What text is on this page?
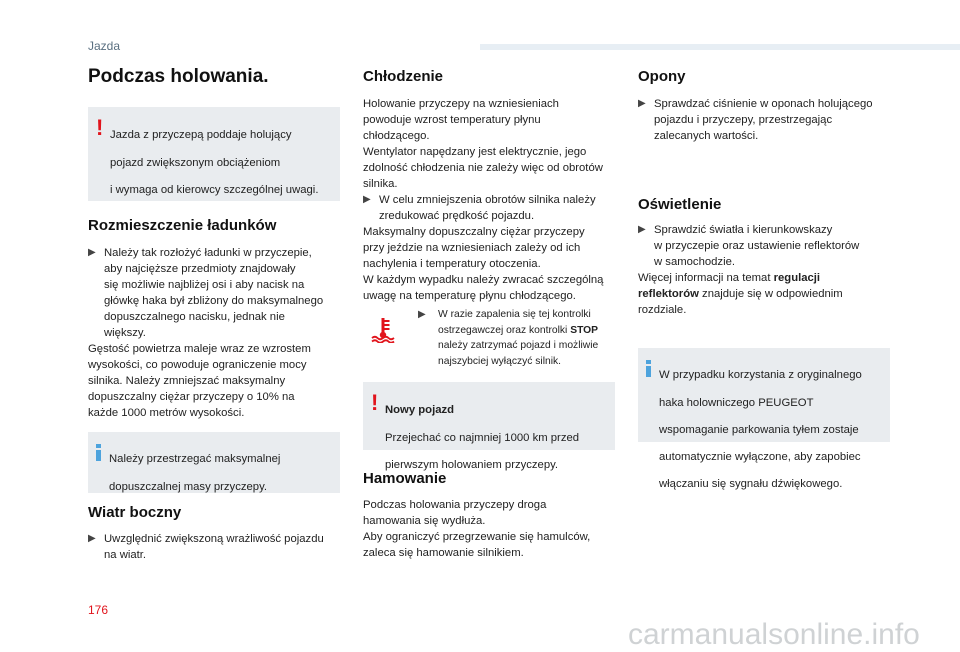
Jazda
Podczas holowania.
! Jazda z przyczepą poddaje holujący

pojazd zwiększonym obciążeniom

i wymaga od kierowcy szczególnej uwagi.

Rozmieszczenie ładunków
▶ Należy tak rozłożyć ładunki w przyczepie,

aby najcięższe przedmioty znajdowały

się możliwie najbliżej osi i aby nacisk na

główkę haka był zbliżony do maksymalnego

dopuszczalnego nacisku, jednak nie

większy.

Gęstość powietrza maleje wraz ze wzrostem

wysokości, co powoduje ograniczenie mocy

silnika. Należy zmniejszać maksymalny

dopuszczalny ciężar przyczepy o 10% na

każde 1000 metrów wysokości.

Należy przestrzegać maksymalnej

dopuszczalnej masy przyczepy.

Wiatr boczny
▶ Uwzględnić zwiększoną wrażliwość pojazdu

na wiatr.

Chłodzenie

Holowanie przyczepy na wzniesieniach

powoduje wzrost temperatury płynu

chłodzącego.

Wentylator napędzany jest elektrycznie, jego

zdolność chłodzenia nie zależy więc od obrotów

silnika.

▶ W celu zmniejszenia obrotów silnika należy

zredukować prędkość pojazdu.

Maksymalny dopuszczalny ciężar przyczepy

przy jeździe na wzniesieniach zależy od ich

nachylenia i temperatury otoczenia.

W każdym wypadku należy zwracać szczególną

uwagę na temperaturę płynu chłodzącego.

▶	W razie zapalenia się tej kontrolki

ostrzegawczej oraz kontrolki STOP

należy zatrzymać pojazd i możliwie

najszybciej wyłączyć silnik.

! Nowy pojazd

Przejechać co najmniej 1000 km przed

pierwszym holowaniem przyczepy.

Hamowanie

Podczas holowania przyczepy droga

hamowania się wydłuża.

Aby ograniczyć przegrzewanie się hamulców,

zaleca się hamowanie silnikiem.

Opony
▶ Sprawdzać ciśnienie w oponach holującego

pojazdu i przyczepy, przestrzegając

zalecanych wartości.

Oświetlenie
▶ Sprawdzić światła i kierunkowskazy

w przyczepie oraz ustawienie reflektorów

w samochodzie.

Więcej informacji na temat regulacji

reflektorów znajduje się w odpowiednim

rozdziale.

W przypadku korzystania z oryginalnego

haka holowniczego PEUGEOT

wspomaganie parkowania tyłem zostaje

automatycznie wyłączone, aby zapobiec

włączaniu się sygnału dźwiękowego.

176
carmanualsonline.info
